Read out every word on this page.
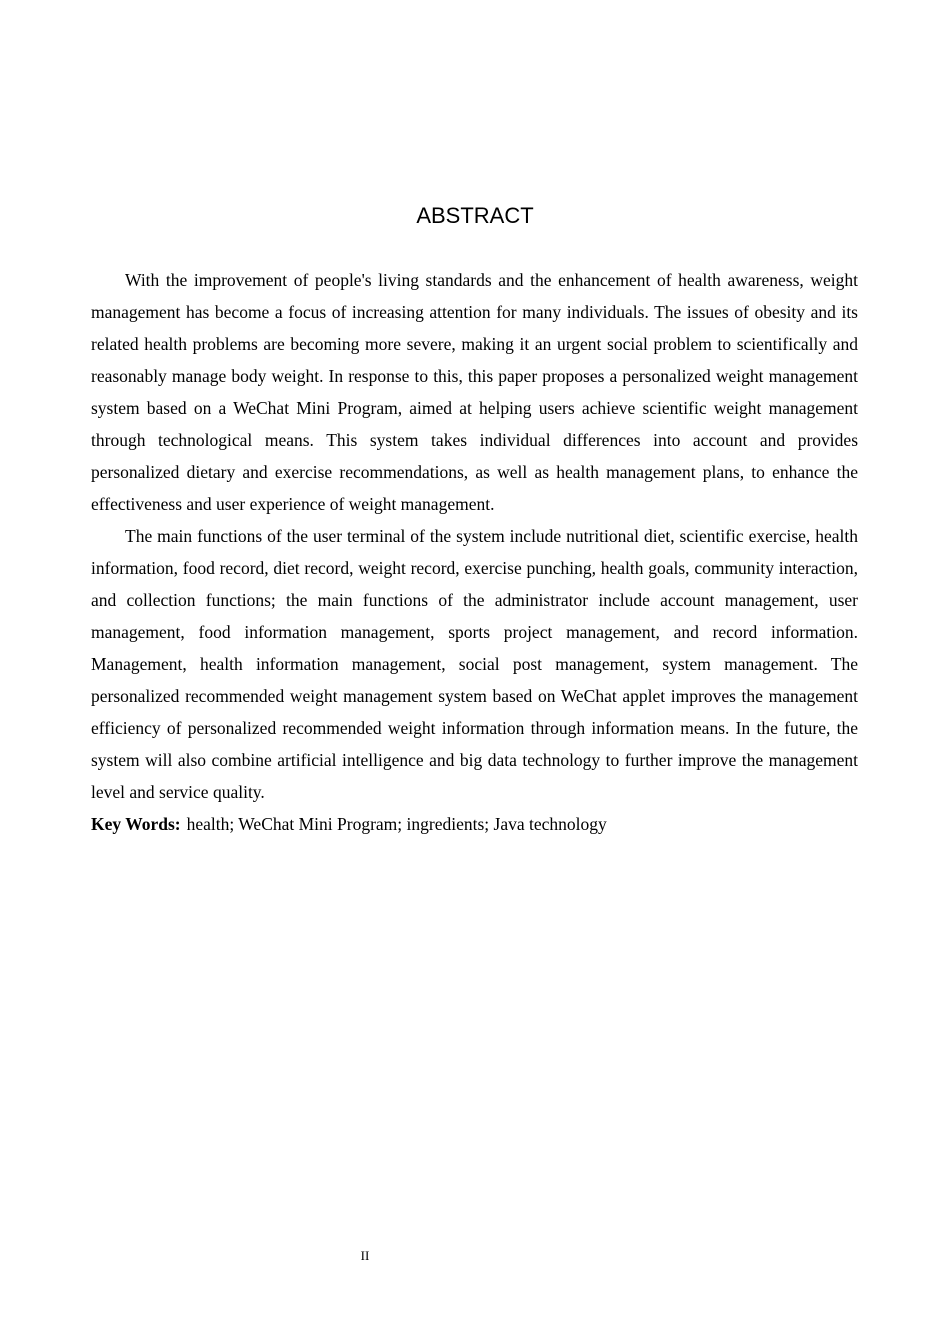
ABSTRACT

With the improvement of people's living standards and the enhancement of health awareness, weight management has become a focus of increasing attention for many individuals. The issues of obesity and its related health problems are becoming more severe, making it an urgent social problem to scientifically and reasonably manage body weight. In response to this, this paper proposes a personalized weight management system based on a WeChat Mini Program, aimed at helping users achieve scientific weight management through technological means. This system takes individual differences into account and provides personalized dietary and exercise recommendations, as well as health management plans, to enhance the effectiveness and user experience of weight management.

The main functions of the user terminal of the system include nutritional diet, scientific exercise, health information, food record, diet record, weight record, exercise punching, health goals, community interaction, and collection functions; the main functions of the administrator include account management, user management, food information management, sports project management, and record information. Management, health information management, social post management, system management. The personalized recommended weight management system based on WeChat applet improves the management efficiency of personalized recommended weight information through information means. In the future, the system will also combine artificial intelligence and big data technology to further improve the management level and service quality.

Key Words: health; WeChat Mini Program; ingredients; Java technology

II
